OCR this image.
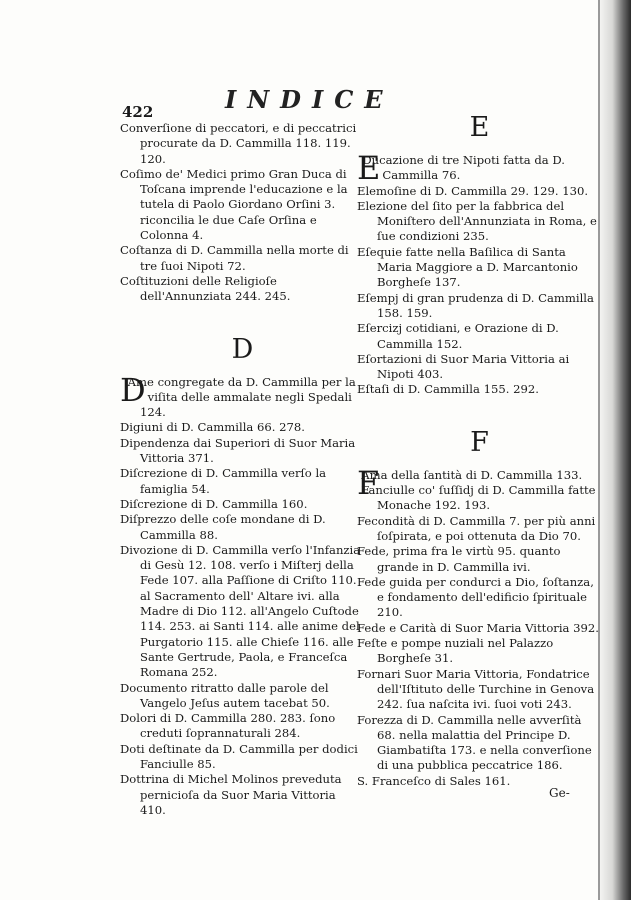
422	INDICE

Converſione di peccatori, e di peccatrici procurate da D. Cammilla 118. 119. 120.

Coſimo de' Medici primo Gran Duca di Toſcana imprende l'educazione e la tutela di Paolo Giordano Orſini 3. riconcilia le due Caſe Orſina e Colonna 4.

Coſtanza di D. Cammilla nella morte di tre ſuoi Nipoti 72.

Coſtituzioni delle Religioſe dell'Annunziata 244. 245.

D

D
Ame congregate da D. Cammilla per la viſita delle ammalate negli Spedali 124.

Digiuni di D. Cammilla 66. 278.

Dipendenza dai Superiori di Suor Maria Vittoria 371.

Diſcrezione di D. Cammilla verſo la famiglia 54.

Diſcrezione di D. Cammilla 160.

Diſprezzo delle coſe mondane di D. Cammilla 88.

Divozione di D. Cammilla verſo l'Infanzia di Gesù 12. 108. verſo i Miſterj della Fede 107. alla Paſſione di Criſto 110. al Sacramento dell' Altare ivi. alla Madre di Dio 112. all'Angelo Cuſtode 114. 253. ai Santi 114. alle anime del Purgatorio 115. alle Chieſe 116. alle Sante Gertrude, Paola, e Franceſca Romana 252.

Documento ritratto dalle parole del Vangelo Jeſus autem tacebat 50.

Dolori di D. Cammilla 280. 283. ſono creduti ſoprannaturali 284.

Doti deſtinate da D. Cammilla per dodici Fanciulle 85.

Dottrina di Michel Molinos preveduta pernicioſa da Suor Maria Vittoria 410.

E

E
Ducazione di tre Nipoti fatta da D. Cammilla 76.

Elemoſine di D. Cammilla 29. 129. 130.

Elezione del ſito per la fabbrica del Moniſtero dell'Annunziata in Roma, e ſue condizioni 235.

Eſequie fatte nella Baſilica di Santa Maria Maggiore a D. Marcantonio Borgheſe 137.

Eſempj di gran prudenza di D. Cammilla 158. 159.

Eſercizj cotidiani, e Orazione di D. Cammilla 152.

Eſortazioni di Suor Maria Vittoria ai Nipoti 403.

Eſtaſi di D. Cammilla 155. 292.

F

F
Ama della ſantità di D. Cammilla 133.

Fanciulle co' ſuſſidj di D. Cammilla fatte Monache 192. 193.

Fecondità di D. Cammilla 7. per più anni ſoſpirata, e poi ottenuta da Dio 70.

Fede, prima fra le virtù 95. quanto grande in D. Cammilla ivi.

Fede guida per condurci a Dio, ſoſtanza, e fondamento dell'edificio ſpirituale 210.

Fede e Carità di Suor Maria Vittoria 392.

Feſte e pompe nuziali nel Palazzo Borgheſe 31.

Fornari Suor Maria Vittoria, Fondatrice dell'Iſtituto delle Turchine in Genova 242. ſua naſcita ivi. ſuoi voti 243.

Forezza di D. Cammilla nelle avverſità 68. nella malattia del Principe D. Giambatiſta 173. e nella converſione di una pubblica peccatrice 186.

S. Franceſco di Sales 161.

Ge-
